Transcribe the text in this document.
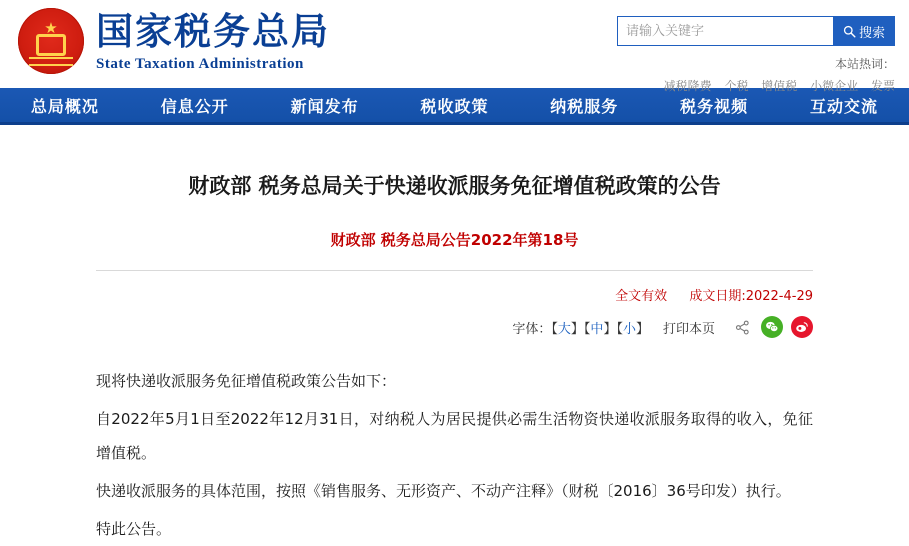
★ 国家税务总局
State Taxation Administration
请输入关键字
搜索
本站热词：
减税降费 个税 增值税 小微企业 发票
总局概况	信息公开	新闻发布	税收政策	纳税服务	税务视频	互动交流
财政部 税务总局关于快递收派服务免征增值税政策的公告
财政部 税务总局公告2022年第18号
全文有效 成文日期:2022-4-29
字体：【 大 】【 中 】【 小 】 打印本页

现将快递收派服务免征增值税政策公告如下：

自2022年5月1日至2022年12月31日，对纳税人为居民提供必需生活物资快递收派服务取得的收入，免征增值税。

快递收派服务的具体范围，按照《销售服务、无形资产、不动产注释》（财税〔2016〕36号印发）执行。

特此公告。
